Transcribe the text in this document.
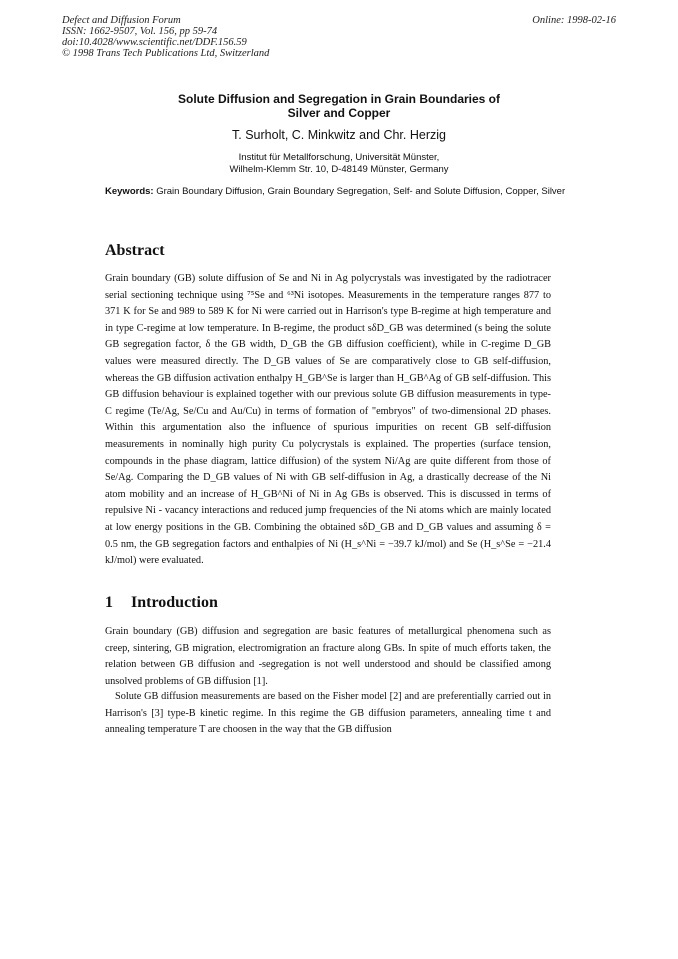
Defect and Diffusion Forum
ISSN: 1662-9507, Vol. 156, pp 59-74
doi:10.4028/www.scientific.net/DDF.156.59
© 1998 Trans Tech Publications Ltd, Switzerland
Online: 1998-02-16
Solute Diffusion and Segregation in Grain Boundaries of
Silver and Copper
T. Surholt, C. Minkwitz and Chr. Herzig
Institut für Metallforschung, Universität Münster,
Wilhelm-Klemm Str. 10, D-48149 Münster, Germany
Keywords: Grain Boundary Diffusion, Grain Boundary Segregation, Self- and Solute Diffusion, Copper, Silver
Abstract
Grain boundary (GB) solute diffusion of Se and Ni in Ag polycrystals was investigated by the radiotracer serial sectioning technique using ⁷⁵Se and ⁶³Ni isotopes. Measurements in the temperature ranges 877 to 371 K for Se and 989 to 589 K for Ni were carried out in Harrison's type B-regime at high temperature and in type C-regime at low temperature. In B-regime, the product sδD_GB was determined (s being the solute GB segregation factor, δ the GB width, D_GB the GB diffusion coefficient), while in C-regime D_GB values were measured directly. The D_GB values of Se are comparatively close to GB self-diffusion, whereas the GB diffusion activation enthalpy H_GB^Se is larger than H_GB^Ag of GB self-diffusion. This GB diffusion behaviour is explained together with our previous solute GB diffusion measurements in type-C regime (Te/Ag, Se/Cu and Au/Cu) in terms of formation of "embryos" of two-dimensional 2D phases. Within this argumentation also the influence of spurious impurities on recent GB self-diffusion measurements in nominally high purity Cu polycrystals is explained. The properties (surface tension, compounds in the phase diagram, lattice diffusion) of the system Ni/Ag are quite different from those of Se/Ag. Comparing the D_GB values of Ni with GB self-diffusion in Ag, a drastically decrease of the Ni atom mobility and an increase of H_GB^Ni of Ni in Ag GBs is observed. This is discussed in terms of repulsive Ni - vacancy interactions and reduced jump frequencies of the Ni atoms which are mainly located at low energy positions in the GB. Combining the obtained sδD_GB and D_GB values and assuming δ = 0.5 nm, the GB segregation factors and enthalpies of Ni (H_s^Ni = −39.7 kJ/mol) and Se (H_s^Se = −21.4 kJ/mol) were evaluated.
1 Introduction
Grain boundary (GB) diffusion and segregation are basic features of metallurgical phenomena such as creep, sintering, GB migration, electromigration an fracture along GBs. In spite of much efforts taken, the relation between GB diffusion and -segregation is not well understood and should be classified among unsolved problems of GB diffusion [1].
Solute GB diffusion measurements are based on the Fisher model [2] and are preferentially carried out in Harrison's [3] type-B kinetic regime. In this regime the GB diffusion parameters, annealing time t and annealing temperature T are choosen in the way that the GB diffusion
